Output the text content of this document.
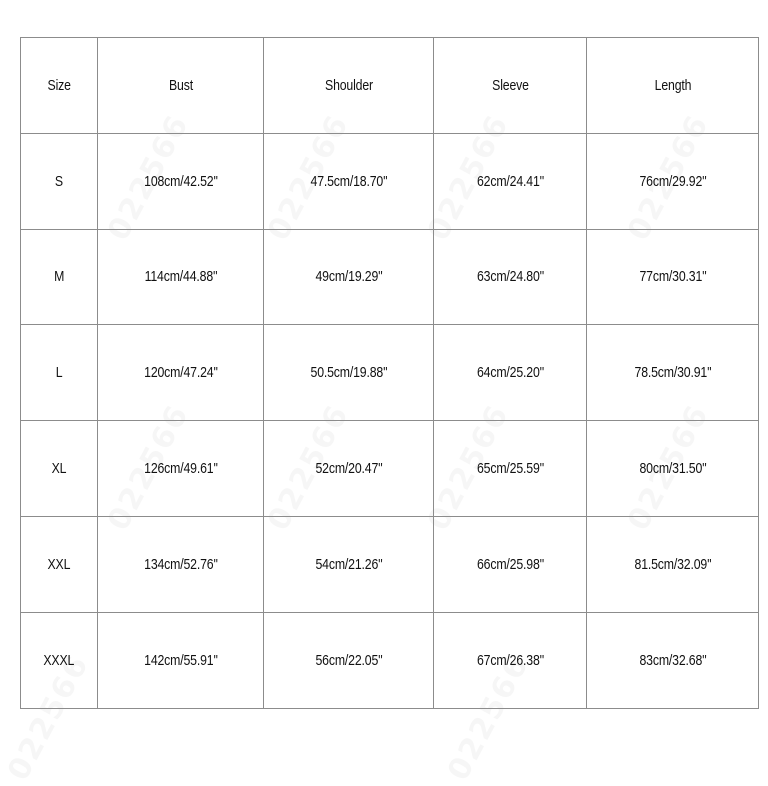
Size	Bust	Shoulder	Sleeve	Length
S	108cm/42.52''	47.5cm/18.70''	62cm/24.41''	76cm/29.92''
M	114cm/44.88''	49cm/19.29''	63cm/24.80''	77cm/30.31''
L	120cm/47.24''	50.5cm/19.88''	64cm/25.20''	78.5cm/30.91''
XL	126cm/49.61''	52cm/20.47''	65cm/25.59''	80cm/31.50''
XXL	134cm/52.76''	54cm/21.26''	66cm/25.98''	81.5cm/32.09''
XXXL	142cm/55.91''	56cm/22.05''	67cm/26.38''	83cm/32.68''
